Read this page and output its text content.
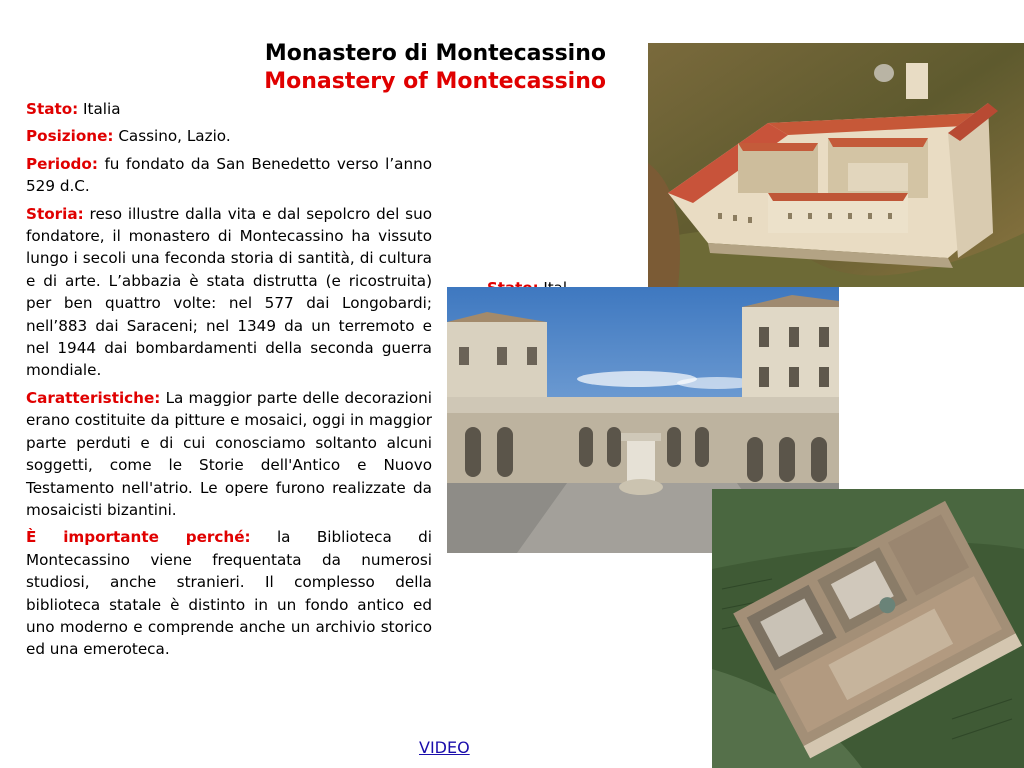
Monastero di Montecassino
Monastery of Montecassino

Stato: Italia

Posizione: Cassino, Lazio.

Periodo: fu fondato da San Benedetto verso l’anno 529 d.C.

Storia: reso illustre dalla vita e dal sepolcro del suo fondatore, il monastero di Montecassino ha vissuto lungo i secoli una feconda storia di santità, di cultura e di arte. L’abbazia è stata distrutta (e ricostruita) per ben quattro volte: nel 577 dai Longobardi; nell’883 dai Saraceni; nel 1349 da un terremoto e nel 1944 dai bombardamenti della seconda guerra mondiale.

Caratteristiche: La maggior parte delle decorazioni erano costituite da pitture e mosaici, oggi in maggior parte perduti e di cui conosciamo soltanto alcuni soggetti, come le Storie dell'Antico e Nuovo Testamento nell'atrio. Le opere furono realizzate da mosaicisti bizantini.

È importante perché: la Biblioteca di Montecassino viene frequentata da numerosi studiosi, anche stranieri. Il complesso della biblioteca statale è distinto in un fondo antico ed uno moderno e comprende anche un archivio storico ed una emeroteca.

VIDEO
